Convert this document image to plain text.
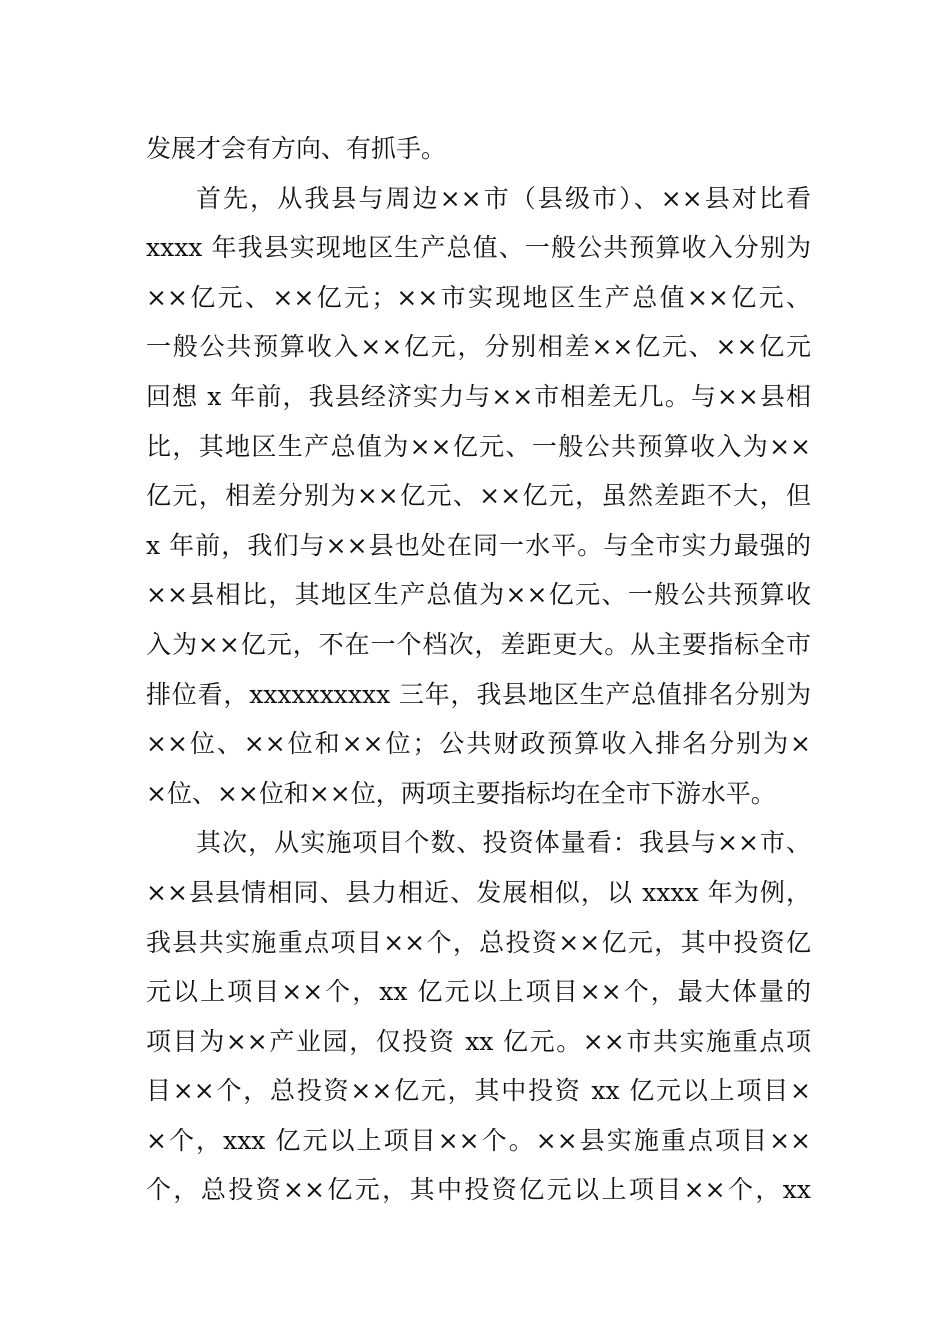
发展才会有方向、有抓手。
首先，从我县与周边××市（县级市）、××县对比看
xxxx 年我县实现地区生产总值、一般公共预算收入分别为
××亿元、××亿元；××市实现地区生产总值××亿元、
一般公共预算收入××亿元，分别相差××亿元、××亿元
回想 x 年前，我县经济实力与××市相差无几。与××县相
比，其地区生产总值为××亿元、一般公共预算收入为××
亿元，相差分别为××亿元、××亿元，虽然差距不大，但
x 年前，我们与××县也处在同一水平。与全市实力最强的
××县相比，其地区生产总值为××亿元、一般公共预算收
入为××亿元，不在一个档次，差距更大。从主要指标全市
排位看，xxxxxxxxxx 三年，我县地区生产总值排名分别为
××位、××位和××位；公共财政预算收入排名分别为×
×位、××位和××位，两项主要指标均在全市下游水平。
其次，从实施项目个数、投资体量看：我县与××市、
××县县情相同、县力相近、发展相似，以 xxxx 年为例，
我县共实施重点项目××个，总投资××亿元，其中投资亿
元以上项目××个，xx 亿元以上项目××个，最大体量的
项目为××产业园，仅投资 xx 亿元。××市共实施重点项
目××个，总投资××亿元，其中投资 xx 亿元以上项目×
×个，xxx 亿元以上项目××个。××县实施重点项目××
个，总投资××亿元，其中投资亿元以上项目××个，xx
